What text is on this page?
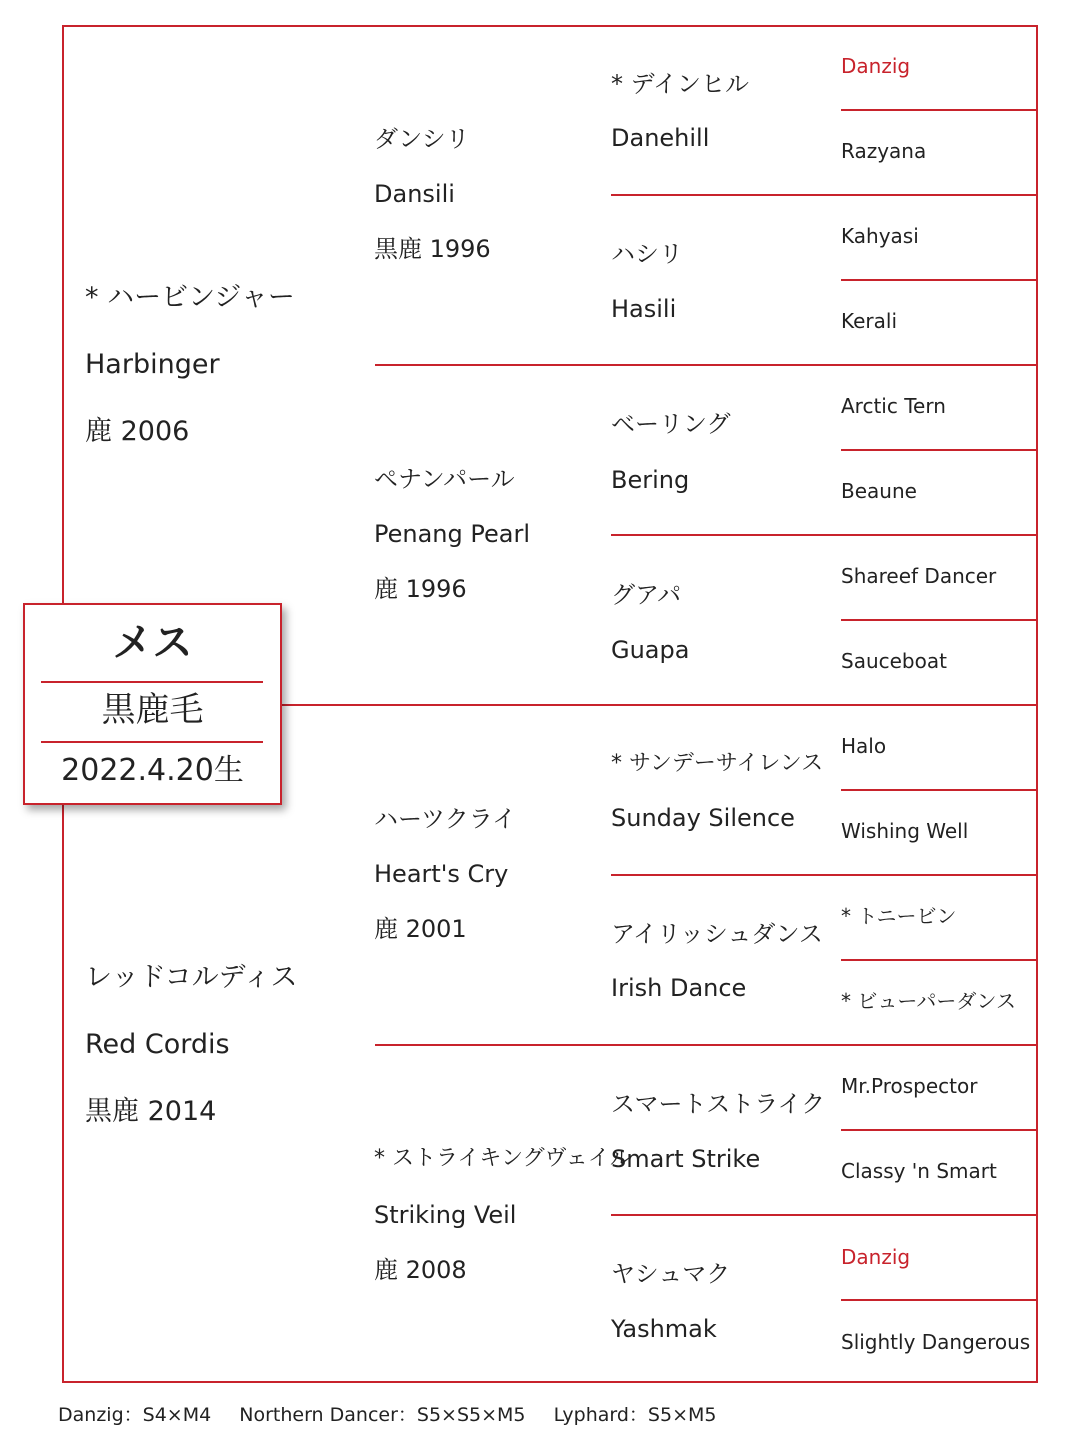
* ハービンジャー
Harbinger
鹿 2006
レッドコルディス
Red Cordis
黒鹿 2014
ダンシリ
Dansili
黒鹿 1996
ペナンパール
Penang Pearl
鹿 1996
ハーツクライ
Heart's Cry
鹿 2001
* ストライキングヴェイル
Striking Veil
鹿 2008
* デインヒル
Danehill
ハシリ
Hasili
ベーリング
Bering
グアパ
Guapa
* サンデーサイレンス
Sunday Silence
アイリッシュダンス
Irish Dance
スマートストライク
Smart Strike
ヤシュマク
Yashmak
Danzig
Razyana
Kahyasi
Kerali
Arctic Tern
Beaune
Shareef Dancer
Sauceboat
Halo
Wishing Well
* トニービン
* ビューパーダンス
Mr.Prospector
Classy 'n Smart
Danzig
Slightly Dangerous
メス
黒鹿毛
2022.4.20生
Danzig：S4×M4 Northern Dancer：S5×S5×M5 Lyphard：S5×M5
